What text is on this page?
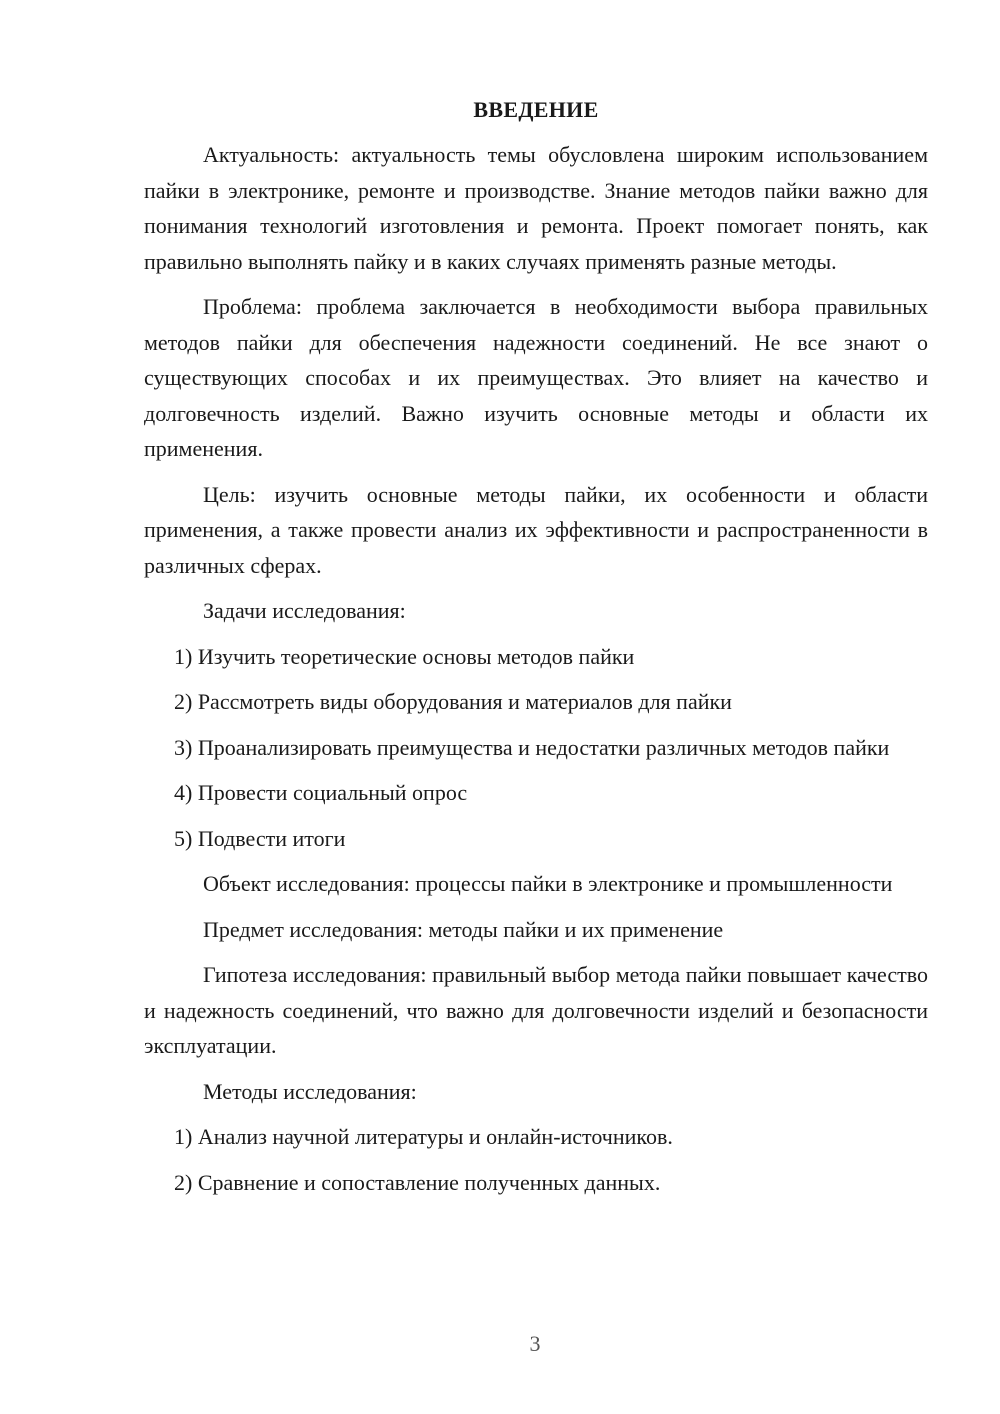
ВВЕДЕНИЕ

Актуальность: актуальность темы обусловлена широким использованием пайки в электронике, ремонте и производстве. Знание методов пайки важно для понимания технологий изготовления и ремонта. Проект помогает понять, как правильно выполнять пайку и в каких случаях применять разные методы.

Проблема: проблема заключается в необходимости выбора правильных методов пайки для обеспечения надежности соединений. Не все знают о существующих способах и их преимуществах. Это влияет на качество и долговечность изделий. Важно изучить основные методы и области их применения.

Цель: изучить основные методы пайки, их особенности и области применения, а также провести анализ их эффективности и распространенности в различных сферах.

Задачи исследования:

1) Изучить теоретические основы методов пайки

2) Рассмотреть виды оборудования и материалов для пайки

3) Проанализировать преимущества и недостатки различных методов пайки

4) Провести социальный опрос

5) Подвести итоги

Объект исследования: процессы пайки в электронике и промышленности

Предмет исследования: методы пайки и их применение

Гипотеза исследования: правильный выбор метода пайки повышает качество и надежность соединений, что важно для долговечности изделий и безопасности эксплуатации.

Методы исследования:

1) Анализ научной литературы и онлайн-источников.

2) Сравнение и сопоставление полученных данных.

3
